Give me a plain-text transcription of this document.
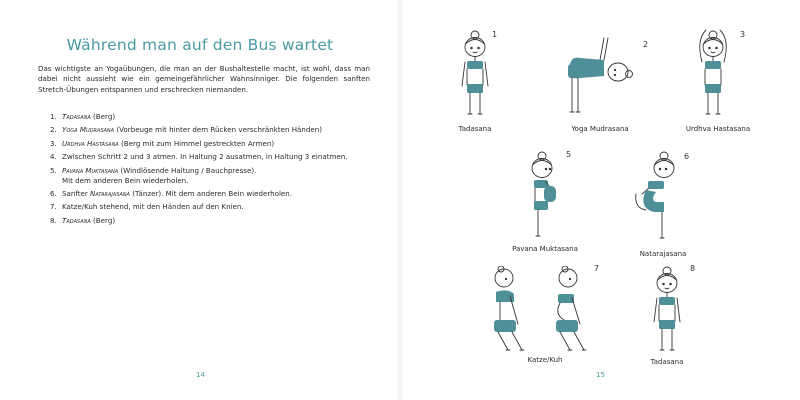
Während man auf den Bus wartet

Das wichtigste an Yogaübungen, die man an der Bushaltestelle macht, ist wohl, dass man dabei nicht aussieht wie ein gemeingefährlicher Wahnsinniger. Die folgenden sanften Stretch-Übungen entspannen und erschrecken niemanden.

1. Tadasana (Berg)
2. Yoga Mudrasana (Vorbeuge mit hinter dem Rücken verschränkten Händen)
3. Urdhva Hastasana (Berg mit zum Himmel gestreckten Armen)
4. Zwischen Schritt 2 und 3 atmen. In Haltung 2 ausatmen, in Haltung 3 einatmen.
5. Pavana Muktasana (Windlösende Haltung / Bauchpresse).
Mit dem anderen Bein wiederholen.
6. Sanfter Natarajasana (Tänzer). Mit dem anderen Bein wiederholen.
7. Katze/Kuh stehend, mit den Händen auf den Knien.
8. Tadasana (Berg)
14
1
Tadasana
2
Yoga Mudrasana
3
Urdhva Hastasana
5
Pavana Muktasana
6
Natarajasana
7
Katze/Kuh
8
Tadasana
15
